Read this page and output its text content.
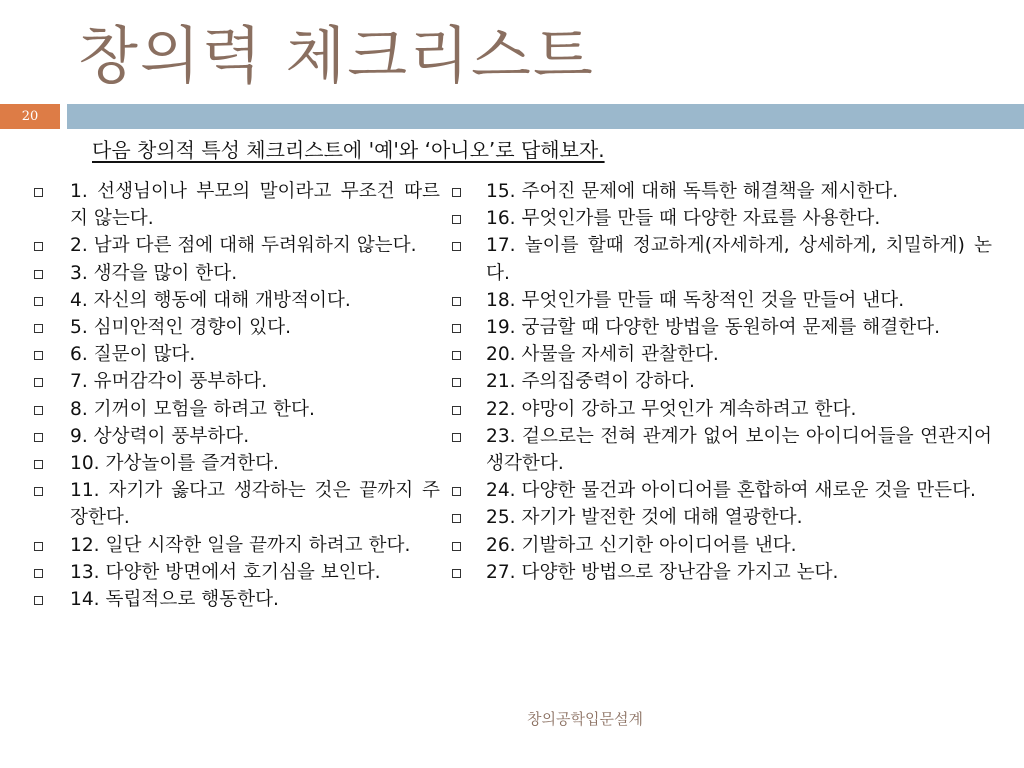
창의력 체크리스트
20
다음 창의적 특성 체크리스트에 '예'와 ‘아니오’로 답해보자.
1. 선생님이나 부모의 말이라고 무조건 따르지 않는다.
2. 남과 다른 점에 대해 두려워하지 않는다.
3. 생각을 많이 한다.
4. 자신의 행동에 대해 개방적이다.
5. 심미안적인 경향이 있다.
6. 질문이 많다.
7. 유머감각이 풍부하다.
8. 기꺼이 모험을 하려고 한다.
9. 상상력이 풍부하다.
10. 가상놀이를 즐겨한다.
11. 자기가 옳다고 생각하는 것은 끝까지 주장한다.
12. 일단 시작한 일을 끝까지 하려고 한다.
13. 다양한 방면에서 호기심을 보인다.
14. 독립적으로 행동한다.
15. 주어진 문제에 대해 독특한 해결책을 제시한다.
16. 무엇인가를 만들 때 다양한 자료를 사용한다.
17. 놀이를 할때 정교하게(자세하게, 상세하게, 치밀하게) 논다.
18. 무엇인가를 만들 때 독창적인 것을 만들어 낸다.
19. 궁금할 때 다양한 방법을 동원하여 문제를 해결한다.
20. 사물을 자세히 관찰한다.
21. 주의집중력이 강하다.
22. 야망이 강하고 무엇인가 계속하려고 한다.
23. 겉으로는 전혀 관계가 없어 보이는 아이디어들을 연관지어 생각한다.
24. 다양한 물건과 아이디어를 혼합하여 새로운 것을 만든다.
25. 자기가 발전한 것에 대해 열광한다.
26. 기발하고 신기한 아이디어를 낸다.
27. 다양한 방법으로 장난감을 가지고 논다.
창의공학입문설계
